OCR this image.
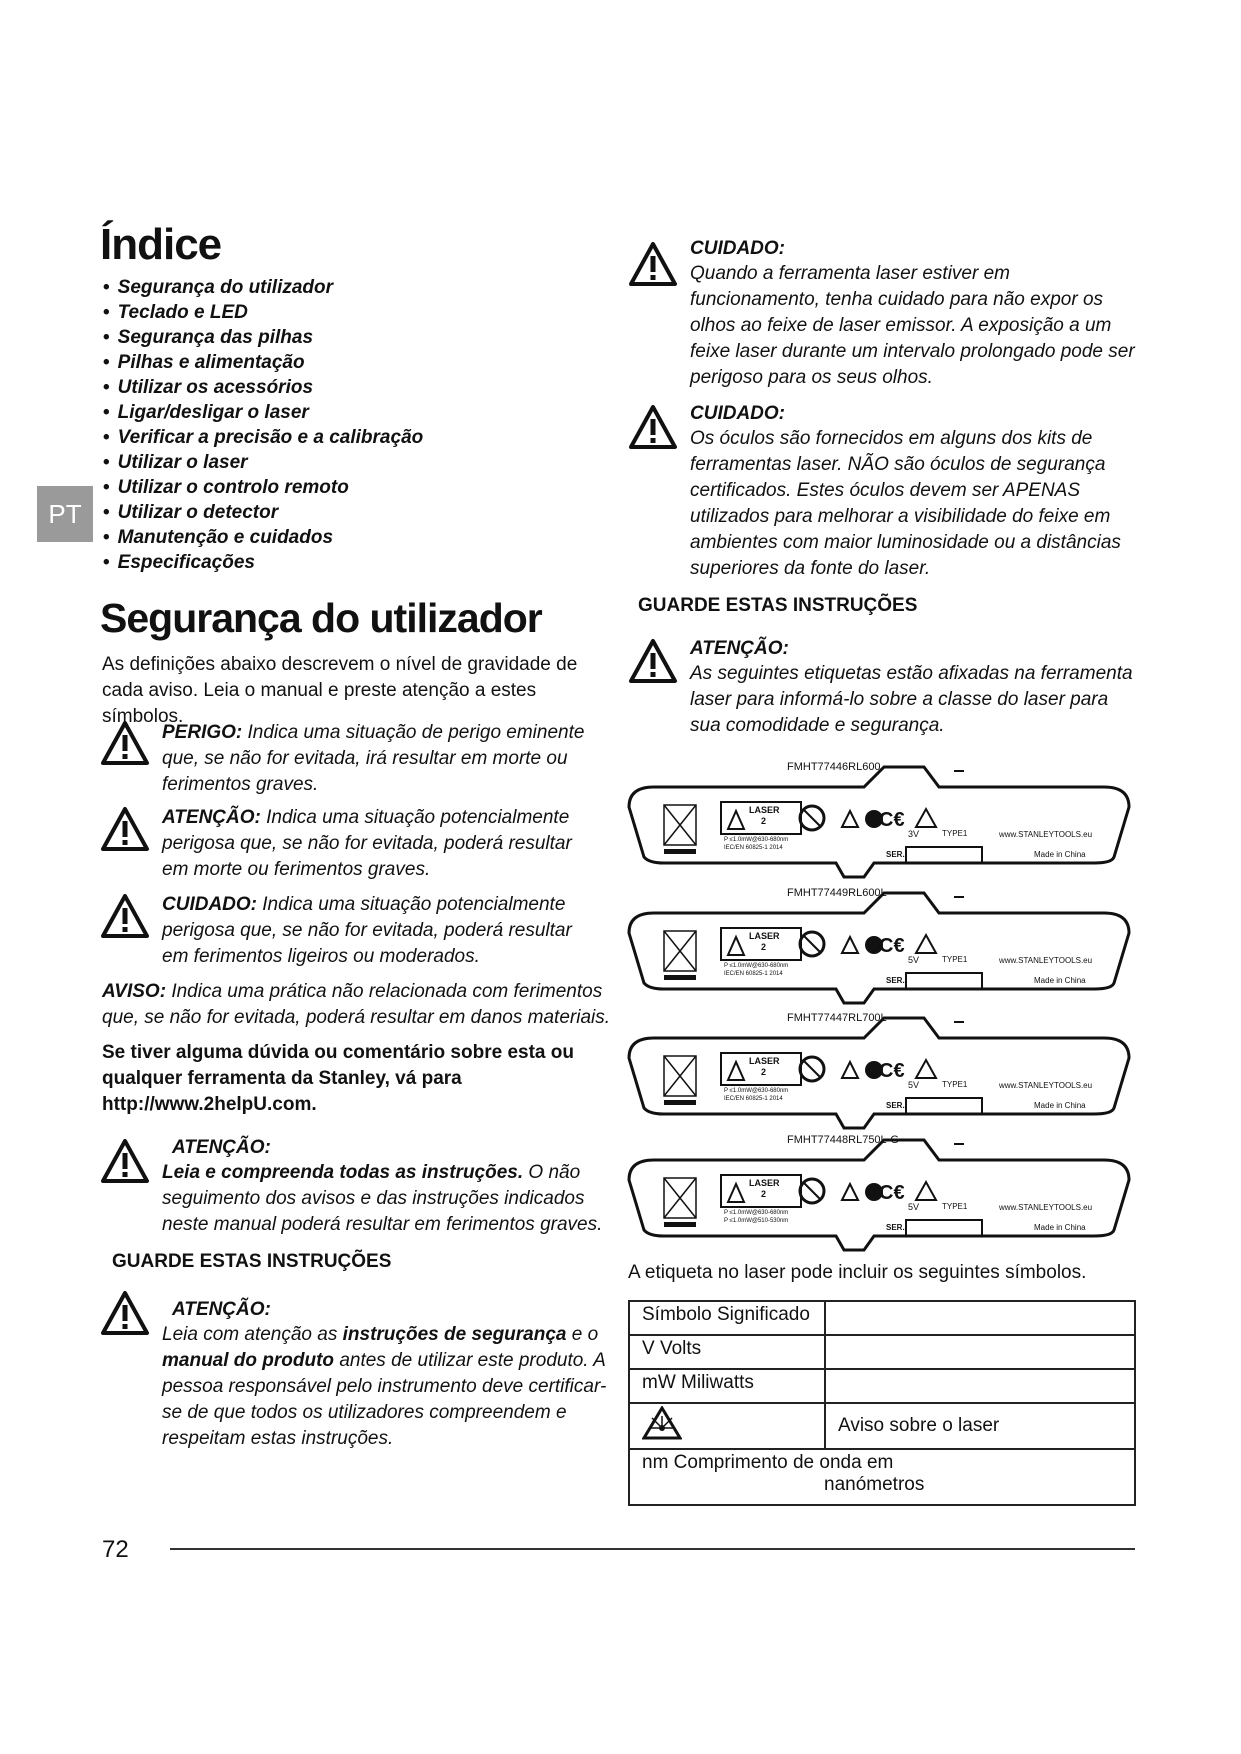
PT
Índice
• Segurança do utilizador
• Teclado e LED
• Segurança das pilhas
• Pilhas e alimentação
• Utilizar os acessórios
• Ligar/desligar o laser
• Verificar a precisão e a calibração
• Utilizar o laser
• Utilizar o controlo remoto
• Utilizar o detector
• Manutenção e cuidados
• Especificações
Segurança do utilizador
As definições abaixo descrevem o nível de gravidade de cada aviso. Leia o manual e preste atenção a estes símbolos.
PERIGO: Indica uma situação de perigo eminente que, se não for evitada, irá resultar em morte ou ferimentos graves.
ATENÇÃO: Indica uma situação potencialmente perigosa que, se não for evitada, poderá resultar em morte ou ferimentos graves.
CUIDADO: Indica uma situação potencialmente perigosa que, se não for evitada, poderá resultar em ferimentos ligeiros ou moderados.
AVISO: Indica uma prática não relacionada com ferimentos que, se não for evitada, poderá resultar em danos materiais.
Se tiver alguma dúvida ou comentário sobre esta ou qualquer ferramenta da Stanley, vá para http://www.2helpU.com.
ATENÇÃO:
Leia e compreenda todas as instruções. O não seguimento dos avisos e das instruções indicados neste manual poderá resultar em ferimentos graves.
GUARDE ESTAS INSTRUÇÕES
ATENÇÃO:
Leia com atenção as instruções de segurança e o manual do produto antes de utilizar este produto. A pessoa responsável pelo instrumento deve certificar-se de que todos os utilizadores compreendem e respeitam estas instruções.
CUIDADO:
Quando a ferramenta laser estiver em funcionamento, tenha cuidado para não expor os olhos ao feixe de laser emissor. A exposição a um feixe laser durante um intervalo prolongado pode ser perigoso para os seus olhos.
CUIDADO:
Os óculos são fornecidos em alguns dos kits de ferramentas laser. NÃO são óculos de segurança certificados. Estes óculos devem ser APENAS utilizados para melhorar a visibilidade do feixe em ambientes com maior luminosidade ou a distâncias superiores da fonte do laser.
GUARDE ESTAS INSTRUÇÕES
ATENÇÃO:
As seguintes etiquetas estão afixadas na ferramenta laser para informá-lo sobre a classe do laser para sua comodidade e segurança.
FMHT77446RL600
LASER
2	C€
P ≤1.0mW@630-680nm
IEC/EN 60825-1 2014
3V	TYPE1	www.STANLEYTOOLS.eu
SER.	Made in China
FMHT77449RL600L
LASER
2	C€
P ≤1.0mW@630-680nm
IEC/EN 60825-1 2014
5V	TYPE1	www.STANLEYTOOLS.eu
SER.	Made in China
FMHT77447RL700L
LASER
2	C€
P ≤1.0mW@630-680nm
IEC/EN 60825-1 2014
5V	TYPE1	www.STANLEYTOOLS.eu
SER.	Made in China
FMHT77448RL750L-G
LASER
2	C€
P ≤1.0mW@630-680nm
P ≤1.0mW@510-530nm
5V	TYPE1	www.STANLEYTOOLS.eu
SER.	Made in China
A etiqueta no laser pode incluir os seguintes símbolos.
Símbolo Significado	
V Volts	
mW Miliwatts	
	Aviso sobre o laser

nm Comprimento de onda em
nanómetros	
72
